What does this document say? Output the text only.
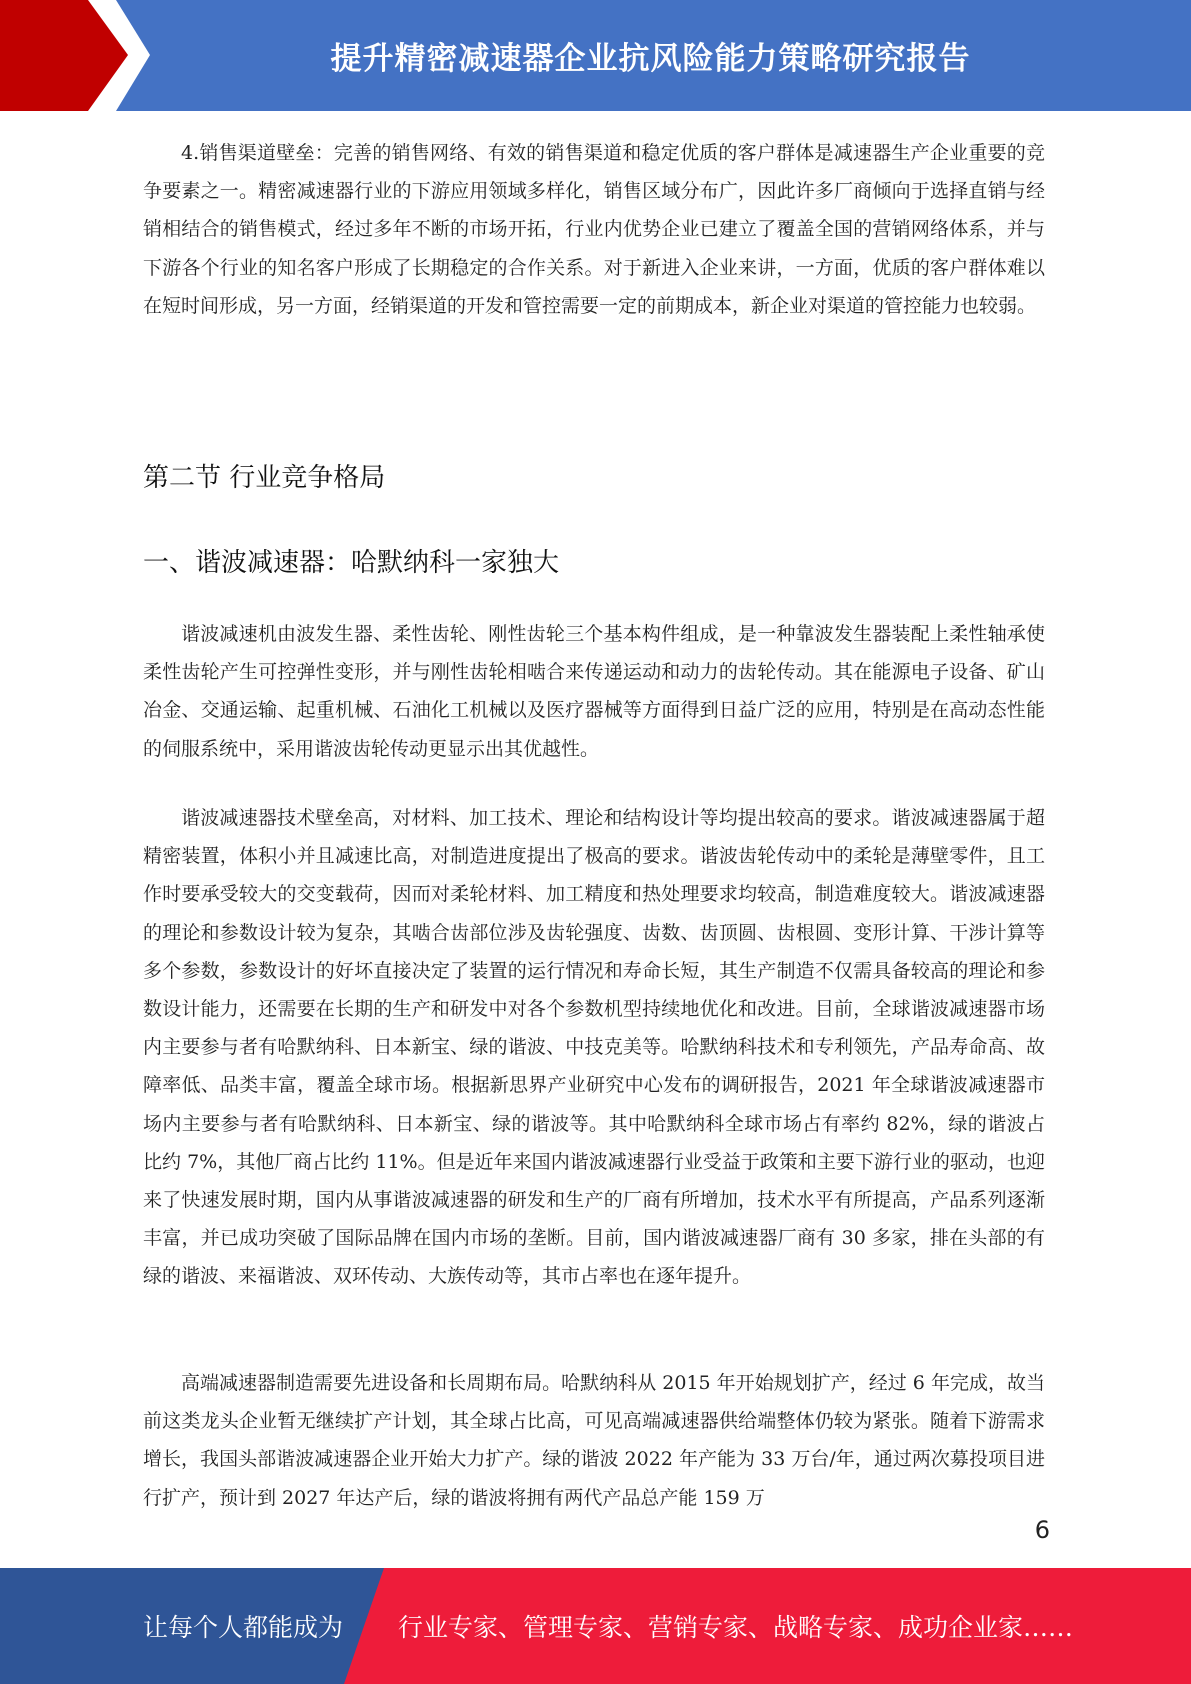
提升精密减速器企业抗风险能力策略研究报告

4.销售渠道壁垒：完善的销售网络、有效的销售渠道和稳定优质的客户群体是减速器生产企业重要的竞争要素之一。精密减速器行业的下游应用领域多样化，销售区域分布广，因此许多厂商倾向于选择直销与经销相结合的销售模式，经过多年不断的市场开拓，行业内优势企业已建立了覆盖全国的营销网络体系，并与下游各个行业的知名客户形成了长期稳定的合作关系。对于新进入企业来讲，一方面，优质的客户群体难以在短时间形成，另一方面，经销渠道的开发和管控需要一定的前期成本，新企业对渠道的管控能力也较弱。

第二节 行业竞争格局
一、谐波减速器：哈默纳科一家独大

谐波减速机由波发生器、柔性齿轮、刚性齿轮三个基本构件组成，是一种靠波发生器装配上柔性轴承使柔性齿轮产生可控弹性变形，并与刚性齿轮相啮合来传递运动和动力的齿轮传动。其在能源电子设备、矿山冶金、交通运输、起重机械、石油化工机械以及医疗器械等方面得到日益广泛的应用，特别是在高动态性能的伺服系统中，采用谐波齿轮传动更显示出其优越性。

谐波减速器技术壁垒高，对材料、加工技术、理论和结构设计等均提出较高的要求。谐波减速器属于超精密装置，体积小并且减速比高，对制造进度提出了极高的要求。谐波齿轮传动中的柔轮是薄壁零件，且工作时要承受较大的交变载荷，因而对柔轮材料、加工精度和热处理要求均较高，制造难度较大。谐波减速器的理论和参数设计较为复杂，其啮合齿部位涉及齿轮强度、齿数、齿顶圆、齿根圆、变形计算、干涉计算等多个参数，参数设计的好坏直接决定了装置的运行情况和寿命长短，其生产制造不仅需具备较高的理论和参数设计能力，还需要在长期的生产和研发中对各个参数机型持续地优化和改进。目前，全球谐波减速器市场内主要参与者有哈默纳科、日本新宝、绿的谐波、中技克美等。哈默纳科技术和专利领先，产品寿命高、故障率低、品类丰富，覆盖全球市场。根据新思界产业研究中心发布的调研报告，2021 年全球谐波减速器市场内主要参与者有哈默纳科、日本新宝、绿的谐波等。其中哈默纳科全球市场占有率约 82%，绿的谐波占比约 7%，其他厂商占比约 11%。但是近年来国内谐波减速器行业受益于政策和主要下游行业的驱动，也迎来了快速发展时期，国内从事谐波减速器的研发和生产的厂商有所增加，技术水平有所提高，产品系列逐渐丰富，并已成功突破了国际品牌在国内市场的垄断。目前，国内谐波减速器厂商有 30 多家，排在头部的有绿的谐波、来福谐波、双环传动、大族传动等，其市占率也在逐年提升。

高端减速器制造需要先进设备和长周期布局。哈默纳科从 2015 年开始规划扩产，经过 6 年完成，故当前这类龙头企业暂无继续扩产计划，其全球占比高，可见高端减速器供给端整体仍较为紧张。随着下游需求增长，我国头部谐波减速器企业开始大力扩产。绿的谐波 2022 年产能为 33 万台/年，通过两次募投项目进行扩产，预计到 2027 年达产后，绿的谐波将拥有两代产品总产能 159 万

6
让每个人都能成为 行业专家、管理专家、营销专家、战略专家、成功企业家……
